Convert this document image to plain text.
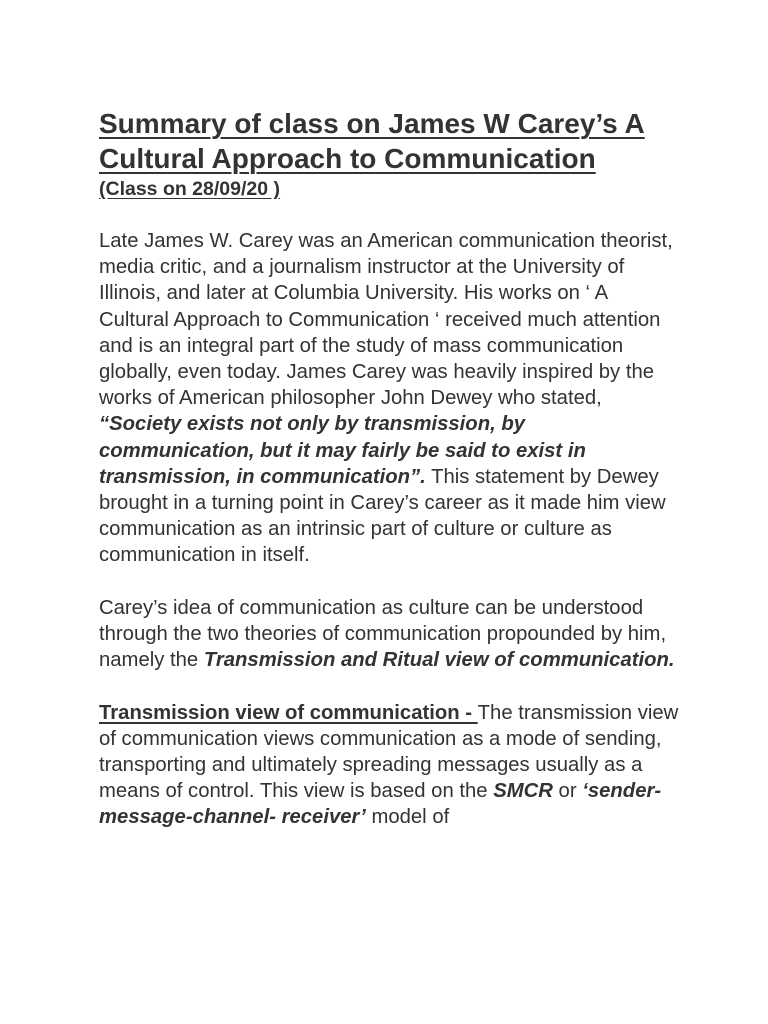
Summary of class on James W Carey’s A Cultural Approach to Communication
(Class on 28/09/20 )

Late James W. Carey was an American communication theorist, media critic, and a journalism instructor at the University of Illinois, and later at Columbia University. His works on ‘ A Cultural Approach to Communication ‘ received much attention and is an integral part of the study of mass communication globally, even today. James Carey was heavily inspired by the works of American philosopher John Dewey who stated, “Society exists not only by transmission, by communication, but it may fairly be said to exist in transmission, in communication”. This statement by Dewey brought in a turning point in Carey’s career as it made him view communication as an intrinsic part of culture or culture as communication in itself.

Carey’s idea of communication as culture can be understood through the two theories of communication propounded by him, namely the Transmission and Ritual view of communication.

Transmission view of communication - The transmission view of communication views communication as a mode of sending, transporting and ultimately spreading messages usually as a means of control. This view is based on the SMCR or ‘sender-message-channel- receiver’ model of
